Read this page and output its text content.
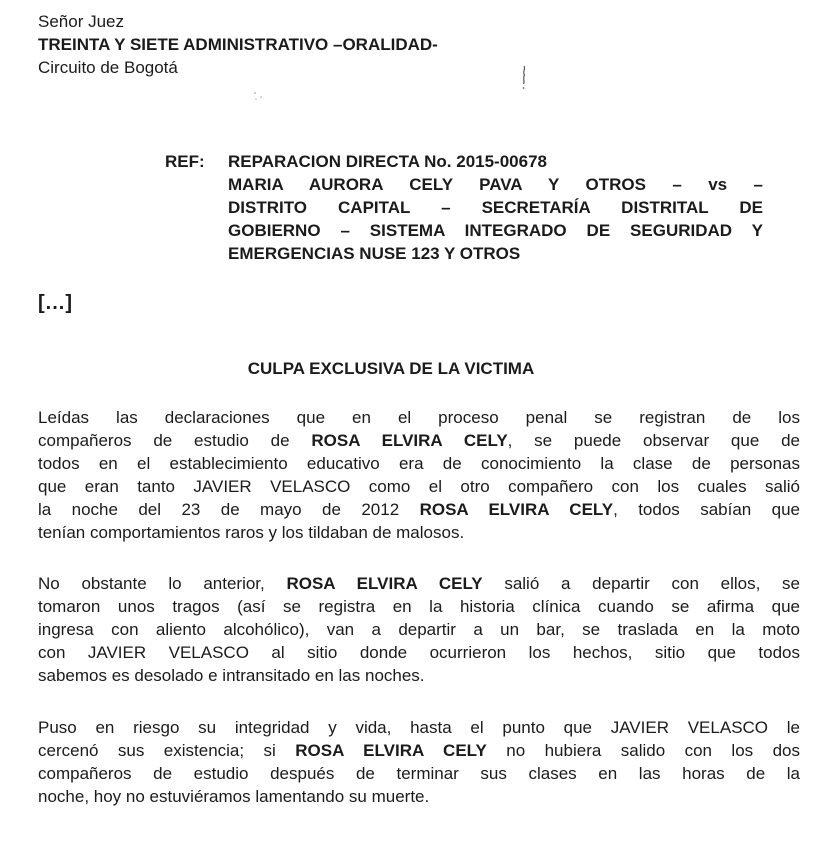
Señor Juez
TREINTA Y SIETE ADMINISTRATIVO –ORALIDAD-
Circuito de Bogotá
REF:	REPARACION DIRECTA No. 2015-00678
MARIA AURORA CELY PAVA Y OTROS – vs –
DISTRITO CAPITAL – SECRETARÍA DISTRITAL DE
GOBIERNO – SISTEMA INTEGRADO DE SEGURIDAD Y
EMERGENCIAS NUSE 123 Y OTROS
[...]
CULPA EXCLUSIVA DE LA VICTIMA
Leídas las declaraciones que en el proceso penal se registran de los
compañeros de estudio de ROSA ELVIRA CELY, se puede observar que de
todos en el establecimiento educativo era de conocimiento la clase de personas
que eran tanto JAVIER VELASCO como el otro compañero con los cuales salió
la noche del 23 de mayo de 2012 ROSA ELVIRA CELY, todos sabían que
tenían comportamientos raros y los tildaban de malosos.
No obstante lo anterior, ROSA ELVIRA CELY salió a departir con ellos, se
tomaron unos tragos (así se registra en la historia clínica cuando se afirma que
ingresa con aliento alcohólico), van a departir a un bar, se traslada en la moto
con JAVIER VELASCO al sitio donde ocurrieron los hechos, sitio que todos
sabemos es desolado e intransitado en las noches.
Puso en riesgo su integridad y vida, hasta el punto que JAVIER VELASCO le
cercenó sus existencia; si ROSA ELVIRA CELY no hubiera salido con los dos
compañeros de estudio después de terminar sus clases en las horas de la
noche, hoy no estuviéramos lamentando su muerte.
